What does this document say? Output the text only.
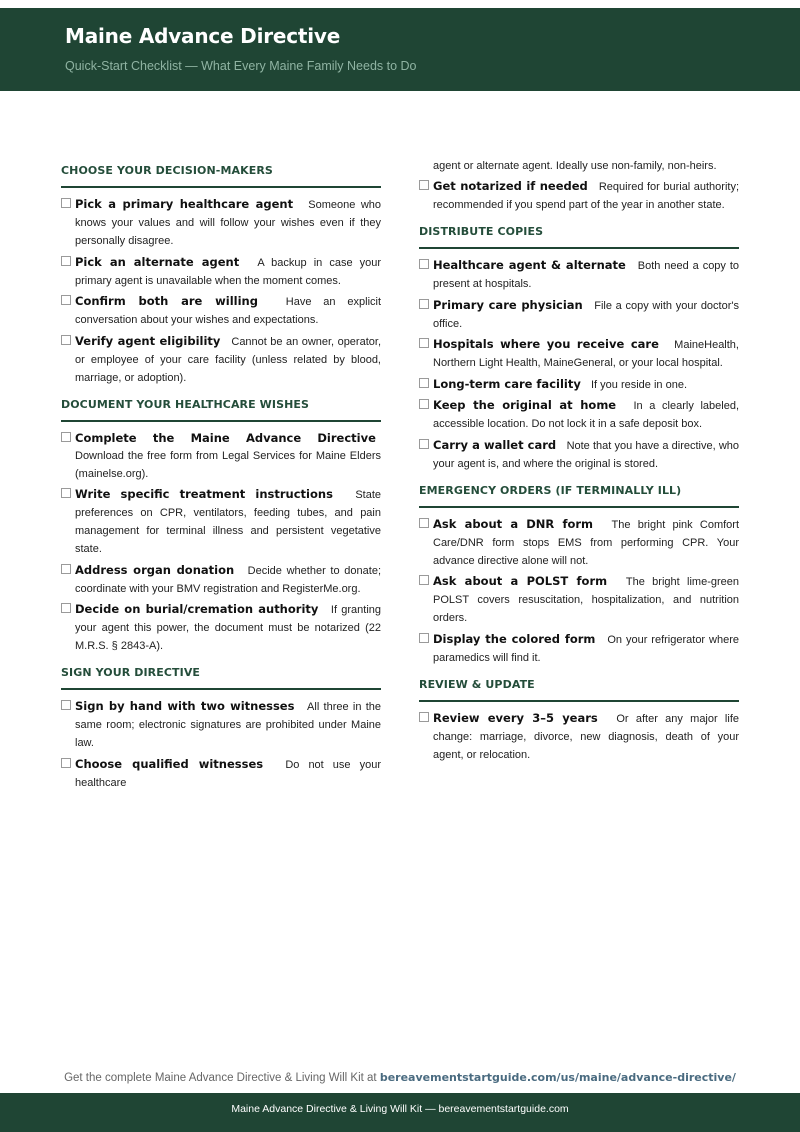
Maine Advance Directive
Quick-Start Checklist — What Every Maine Family Needs to Do
CHOOSE YOUR DECISION-MAKERS
Pick a primary healthcare agent Someone who knows your values and will follow your wishes even if they personally disagree.
Pick an alternate agent A backup in case your primary agent is unavailable when the moment comes.
Confirm both are willing	Have an explicit conversation about your wishes and expectations.
Verify agent eligibility Cannot be an owner, operator, or employee of your care facility (unless related by blood, marriage, or adoption).
DOCUMENT YOUR HEALTHCARE WISHES
Complete the Maine Advance Directive  Download the free form from Legal Services for Maine Elders (mainelse.org).
Write specific treatment instructions State preferences on CPR, ventilators, feeding tubes, and pain management for terminal illness and persistent vegetative state.
Address organ donation Decide whether to donate; coordinate with your BMV registration and RegisterMe.org.
Decide on burial/cremation authority If granting your agent this power, the document must be notarized (22 M.R.S. § 2843-A).
SIGN YOUR DIRECTIVE
Sign by hand with two witnesses All three in the same room; electronic signatures are prohibited under Maine law.
Choose qualified witnesses Do not use your healthcare
agent or alternate agent. Ideally use non-family, non-heirs.
Get notarized if needed Required for burial authority; recommended if you spend part of the year in another state.
DISTRIBUTE COPIES
Healthcare agent & alternate Both need a copy to present at hospitals.
Primary care physician File a copy with your doctor's office.
Hospitals where you receive care MaineHealth, Northern Light Health, MaineGeneral, or your local hospital.
Long-term care facility If you reside in one.
Keep the original at home In a clearly labeled, accessible location. Do not lock it in a safe deposit box.
Carry a wallet card Note that you have a directive, who your agent is, and where the original is stored.
EMERGENCY ORDERS (IF TERMINALLY ILL)
Ask about a DNR form The bright pink Comfort Care/DNR form stops EMS from performing CPR. Your advance directive alone will not.
Ask about a POLST form The bright lime-green POLST covers resuscitation, hospitalization, and nutrition orders.
Display the colored form On your refrigerator where paramedics will find it.
REVIEW & UPDATE
Review every 3–5 years Or after any major life change: marriage, divorce, new diagnosis, death of your agent, or relocation.
Get the complete Maine Advance Directive & Living Will Kit at bereavementstartguide.com/us/maine/advance-directive/
Maine Advance Directive & Living Will Kit — bereavementstartguide.com
